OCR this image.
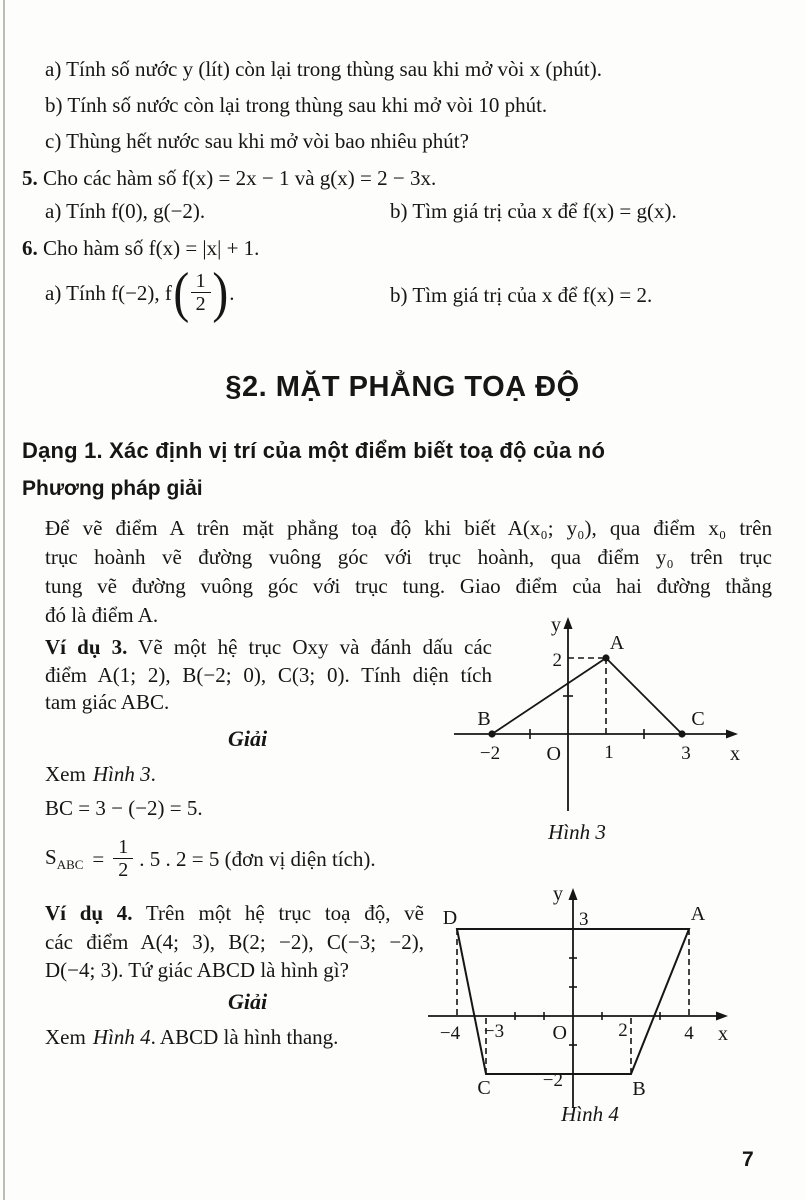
a) Tính số nước y (lít) còn lại trong thùng sau khi mở vòi x (phút).
b) Tính số nước còn lại trong thùng sau khi mở vòi 10 phút.
c) Thùng hết nước sau khi mở vòi bao nhiêu phút?
5. Cho các hàm số f(x) = 2x − 1 và g(x) = 2 − 3x.
a) Tính f(0), g(−2).	b) Tìm giá trị của x để f(x) = g(x).
6. Cho hàm số f(x) = |x| + 1.
a) Tính f(−2), f ( $\frac{1}{2}$ ) .	b) Tìm giá trị của x để f(x) = 2.
§2. MẶT PHẲNG TOẠ ĐỘ
Dạng 1. Xác định vị trí của một điểm biết toạ độ của nó
Phương pháp giải
Để vẽ điểm A trên mặt phẳng toạ độ khi biết A(x₀; y₀), qua điểm x₀ trên
trục hoành vẽ đường vuông góc với trục hoành, qua điểm y₀ trên trục
tung vẽ đường vuông góc với trục tung. Giao điểm của hai đường thẳng
đó là điểm A.
Ví dụ 3. Vẽ một hệ trục Oxy và đánh dấu các
điểm A(1; 2), B(−2; 0), C(3; 0). Tính diện tích
tam giác ABC.
Giải
Xem Hình 3.
BC = 3 − (−2) = 5.
$S_{ABC} = \frac{1}{2}$ . 5 . 2 = 5 (đơn vị diện tích).
y
x
O
2
−2	1	3
A
B	C
Hình 3
Ví dụ 4. Trên một hệ trục toạ độ, vẽ
các điểm A(4; 3), B(2; −2), C(−3; −2),
D(−4; 3). Tứ giác ABCD là hình gì?
Giải
Xem Hình 4. ABCD là hình thang.
y
x
O
3
−2
−4 −3	2	4
A
B
C
D
Hình 4
7
